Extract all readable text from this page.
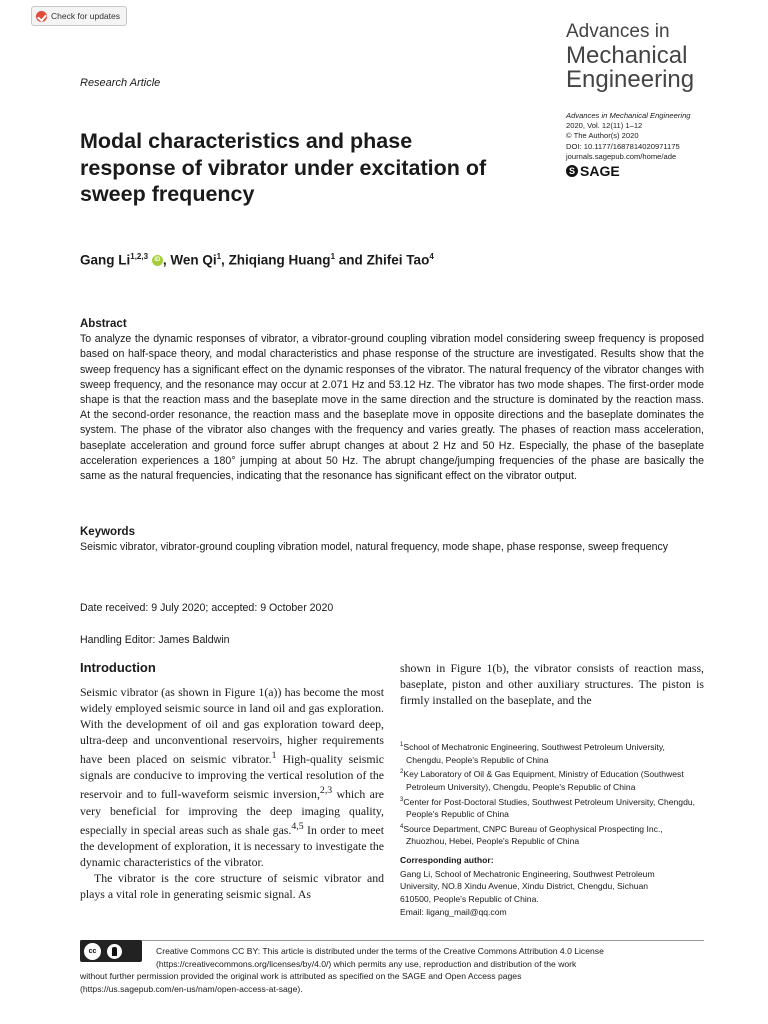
Check for updates
Advances in
Mechanical
Engineering
Research Article
Advances in Mechanical Engineering
2020, Vol. 12(11) 1–12
© The Author(s) 2020
DOI: 10.1177/1687814020971175
journals.sagepub.com/home/ade
S SAGE
Modal characteristics and phase response of vibrator under excitation of sweep frequency
Gang Li$^{1,2,3}$ iD , Wen Qi$^1$, Zhiqiang Huang$^1$ and Zhifei Tao$^4$
Abstract

To analyze the dynamic responses of vibrator, a vibrator-ground coupling vibration model considering sweep frequency is proposed based on half-space theory, and modal characteristics and phase response of the structure are investigated. Results show that the sweep frequency has a significant effect on the dynamic responses of the vibrator. The natural frequency of the vibrator changes with sweep frequency, and the resonance may occur at 2.071 Hz and 53.12 Hz. The vibrator has two mode shapes. The first-order mode shape is that the reaction mass and the baseplate move in the same direction and the structure is dominated by the reaction mass. At the second-order resonance, the reaction mass and the baseplate move in opposite directions and the baseplate dominates the system. The phase of the vibrator also changes with the frequency and varies greatly. The phases of reaction mass acceleration, baseplate acceleration and ground force suffer abrupt changes at about 2 Hz and 50 Hz. Especially, the phase of the baseplate acceleration experiences a 180° jumping at about 50 Hz. The abrupt change/jumping frequencies of the phase are basically the same as the natural frequencies, indicating that the resonance has significant effect on the vibrator output.

Keywords

Seismic vibrator, vibrator-ground coupling vibration model, natural frequency, mode shape, phase response, sweep frequency

Date received: 9 July 2020; accepted: 9 October 2020
Handling Editor: James Baldwin
Introduction

Seismic vibrator (as shown in Figure 1(a)) has become the most widely employed seismic source in land oil and gas exploration. With the development of oil and gas exploration toward deep, ultra-deep and unconventional reservoirs, higher requirements have been placed on seismic vibrator.$^1$ High-quality seismic signals are conducive to improving the vertical resolution of the reservoir and to full-waveform seismic inversion,$^{2,3}$ which are very beneficial for improving the deep imaging quality, especially in special areas such as shale gas.$^{4,5}$ In order to meet the development of exploration, it is necessary to investigate the dynamic characteristics of the vibrator.

The vibrator is the core structure of seismic vibrator and plays a vital role in generating seismic signal. As

shown in Figure 1(b), the vibrator consists of reaction mass, baseplate, piston and other auxiliary structures. The piston is firmly installed on the baseplate, and the

$^1$School of Mechatronic Engineering, Southwest Petroleum University, Chengdu, People's Republic of China
$^2$Key Laboratory of Oil & Gas Equipment, Ministry of Education (Southwest Petroleum University), Chengdu, People's Republic of China
$^3$Center for Post-Doctoral Studies, Southwest Petroleum University, Chengdu, People's Republic of China
$^4$Source Department, CNPC Bureau of Geophysical Prospecting Inc., Zhuozhou, Hebei, People's Republic of China
Corresponding author:
Gang Li, School of Mechatronic Engineering, Southwest Petroleum
University, NO.8 Xindu Avenue, Xindu District, Chengdu, Sichuan
610500, People's Republic of China.
Email: ligang_mail@qq.com
cc	Creative Commons CC BY: This article is distributed under the terms of the Creative Commons Attribution 4.0 License
(https://creativecommons.org/licenses/by/4.0/) which permits any use, reproduction and distribution of the work
without further permission provided the original work is attributed as specified on the SAGE and Open Access pages
(https://us.sagepub.com/en-us/nam/open-access-at-sage).
